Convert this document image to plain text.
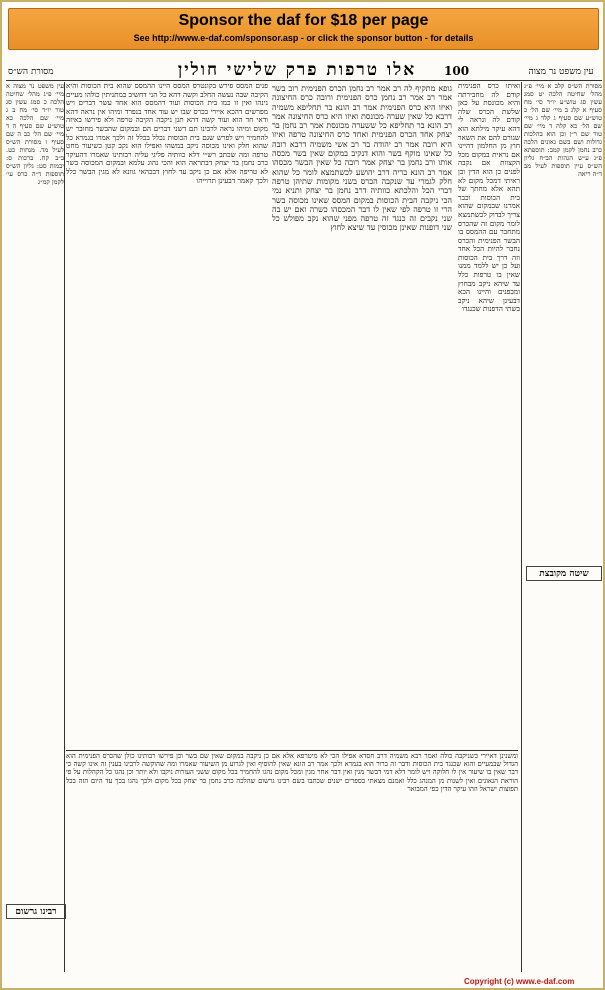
Sponsor the daf for $18 per page
See http://www.e-daf.com/sponsor.asp - or click the sponsor button - for details
100
אלו טרפות פרק שלישי חולין
מסורת הש״ס	עין משפט נר מצוה
מסורת הש״ס קלב א מיי׳ פ״ג מהל׳ שחיטה הלכה יט סמג עשין סג טוש״ע יו״ד סי׳ מח סעיף א קלג ב מיי׳ שם הל׳ כ טוש״ע שם סעיף ג קלד ג מיי׳ שם הל׳ כא קלה ד מיי׳ שם טור שם ר״ן וכן הוא בהלכות גדולות ושם בשם גאונים הלכה כרב נחמן לקמן קמב: תוספתא פ״ג ע״ש הגהות הב״ח גליון הש״ס עיין תוספות לעיל מב ד״ה ריאה
ואיתו כרס הפנימית קודם לה מחבירתה והיא מכונסת על כאן שלשת הכרס שלה קודם לה ונראה לי דהא עיקר מילתא הוא שגורם להם את השאר חוץ מן החלמון דהיינו אם נראית במקום מכל הקצוות אם נקבה לפנים כן הוא הדין וכן ראיתי דמכל מקום לא תהא אלא מחתך של בית הכוסות וכבר אמרנו שבמקום שהוא צריך לבדוק לכשתמצא לומר מקום זה שהכרס מתחבר עם ההמסס בו הבשר הפנימית והכרס נחבר להיות הכל אחד וזה דרך בית הכוסות ועל כן יש ללמד ממנו שאין בו טרפות כלל עד שיהא ניקב מבחוץ ומבפנים והיינו הכא דבעינן שיהא ניקב בשתי הדפנות שכנגדו
גופא מתקיף לה רב אמר רב נחמן הכרס הפנימית רוב בשר אמר רב אמר רב נחמן כרס הפנימית ורובה כרס החיצונה ואיזו היא כרס הפנימית אמר רב הונא בר תחליפא משמיה דרבא כל שאין שערה מכונסת ואיזו היא כרס החיצונה אמר רב הונא בר תחליפא כל ששערה מכונסת אמר רב נחמן בר יצחק אחד הכרס הפנימית ואחד כרס החיצונה טרפה ואיזו היא רובה אמר רב יהודה בר רב אשי משמיה דרבא רובה כל שאינו מוקף בשר והוא דנקיב במקום שאין בשר מכסה אותו ורב נחמן בר יצחק אמר רובה כל שאין הבשר מכסהו אמר רב הונא בריה דרב יהושע לכשתמצא לומר כל שהוא חלק לגמרי עד שנקבה הכרס בשני מקומות שתיהן טרפה דברי הכל והלכתא כוותיה דרב נחמן בר יצחק ותניא נמי הכי ניקבה הבית הכוסות במקום המסס שאינו מכוסה בשר הרי זו טרפה לפי שאין לו דבר המכסהו כשרה ואם יש בה שני נקבים זה כנגד זה טרפה מפני שהוא נקב מפולש כל שני דופנות שאינן מכוסין עד שיצא לחוץ
פנים המסס פירש בקונטרס המסס היינו ההמסס שהוא בית הכוסות והיא הקיבה שבה נעשה החלב וקשה דהא כל הני דחשיב במתניתין כולהו מעיים נינהו ואין זו כמו בית הכוסות ועוד דהמסס הוא אחד עשר דברים ויש מפרשים דהכא איירי בכרס שבו יש עוד אחד בנפרד ומיהו אין נראה דהא ודאי חד הוא ועוד קשה דהא תנן ניקבה הקיבה טרפה ולא פירשו באיזה מקום ומיהו נראה לרבינו תם דשני דברים הם ובמקום שהבשר מחובר יש להחמיר ויש לפרש שגם בית הכוסות נכלל בכלל זה ולכך אמרו בגמרא כל שהוא חלק ואינו מכוסה ניקב במשהו ואפילו הוא נקב קטן כשיעור מחט טרפה ומה שכתב רש״י דלא כוותיה פליגי עליה רבותינו שאמרו דהעיקר כרב נחמן בר יצחק דבתראה הוא והכי נהוג עלמא ובמקום המכוסה בשר לא טריפה אלא אם כן ניקב עד לחוץ דבכהאי גוונא לא מגין הבשר כלל ולכך קאמר דבעינן תרוייהו
עין משפט נר מצוה א מיי׳ פ״ג מהל׳ שחיטה הלכה כ סמג עשין סג טור יו״ד סי׳ מח ב ג מיי׳ שם הלכה כא טוש״ע שם סעיף ה ד מיי׳ שם הל׳ כב ה שם סעיף ו מסורת הש״ס לעיל מד. מנחות כט. ב״ב קח. ברכות ס: יבמות סט: גליון הש״ס תוספות ד״ה כרס עי׳ לקמן קמ״ג
ומשנינן דאיירי כשניקבה כולה ואמר רבא משמיה דרב חסדא אפילו הכי לא מיטרפא אלא אם כן ניקבה במקום שאין שם בשר וכן פירשו רבותינו כולן שהכרס הפנימית הוא הגדול שבמעיים והוא שכנגד בית הכוסות ודבר זה ברור הוא בגמרא ולכך אמר רב הונא שאין להוסיף ואין לגרוע מן השיעור שאמרו ומה שהוקשה לרבינו בענין זה אינו קשה כי דבר שאין בו שיעור אין לו חלוקה ויש לומר דלא דמי דבשר מגין ואין דבר אחר מגין ומכל מקום נהגו להחמיר בכל מקום ששני העורות ניקבו ולא יותר וכן נהגו כל הקהלות על פי הוראת הגאונים ואין לשנות מן המנהג כלל ואמנם מצאתי בספרים ישנים שכתבו בשם רבינו גרשום שהלכה כרב נחמן בר יצחק בכל מקום ולכך נהגו בכך עד היום הזה בכל תפוצות ישראל וזהו עיקר הדין כפי המבואר
שיטה מקובצת
רבינו גרשום
Copyright (c) www.e-daf.com
